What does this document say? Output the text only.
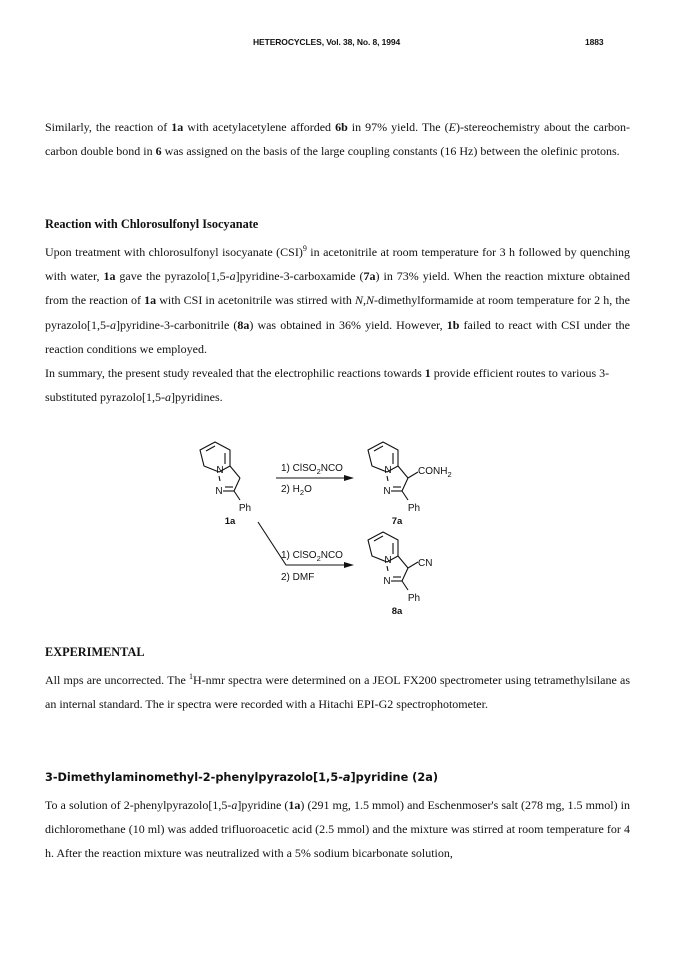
HETEROCYCLES, Vol. 38, No. 8, 1994	1883
Similarly, the reaction of 1a with acetylacetylene afforded 6b in 97% yield. The (E)-stereochemistry about the carbon-carbon double bond in 6 was assigned on the basis of the large coupling constants (16 Hz) between the olefinic protons.
Reaction with Chlorosulfonyl Isocyanate
Upon treatment with chlorosulfonyl isocyanate (CSI)$^9$ in acetonitrile at room temperature for 3 h followed by quenching with water, 1a gave the pyrazolo[1,5-a]pyridine-3-carboxamide (7a) in 73% yield. When the reaction mixture obtained from the reaction of 1a with CSI in acetonitrile was stirred with N,N-dimethylformamide at room temperature for 2 h, the pyrazolo[1,5-a]pyridine-3-carbonitrile (8a) was obtained in 36% yield. However, 1b failed to react with CSI under the reaction conditions we employed.
In summary, the present study revealed that the electrophilic reactions towards 1 provide efficient routes to various 3-substituted pyrazolo[1,5-a]pyridines.
N
N
Ph
1a
N
N
Ph
$CONH_2$
7a
N
N
Ph
CN
8a
1) ClSO$_2$NCO
2) $H_2O$
1) ClSO$_2$NCO
2) DMF
EXPERIMENTAL
All mps are uncorrected. The $^1$H-nmr spectra were determined on a JEOL FX200 spectrometer using tetramethylsilane as an internal standard. The ir spectra were recorded with a Hitachi EPI-G2 spectrophotometer.
3-Dimethylaminomethyl-2-phenylpyrazolo[1,5-a]pyridine (2a)
To a solution of 2-phenylpyrazolo[1,5-a]pyridine (1a) (291 mg, 1.5 mmol) and Eschenmoser's salt (278 mg, 1.5 mmol) in dichloromethane (10 ml) was added trifluoroacetic acid (2.5 mmol) and the mixture was stirred at room temperature for 4 h. After the reaction mixture was neutralized with a 5% sodium bicarbonate solution,
